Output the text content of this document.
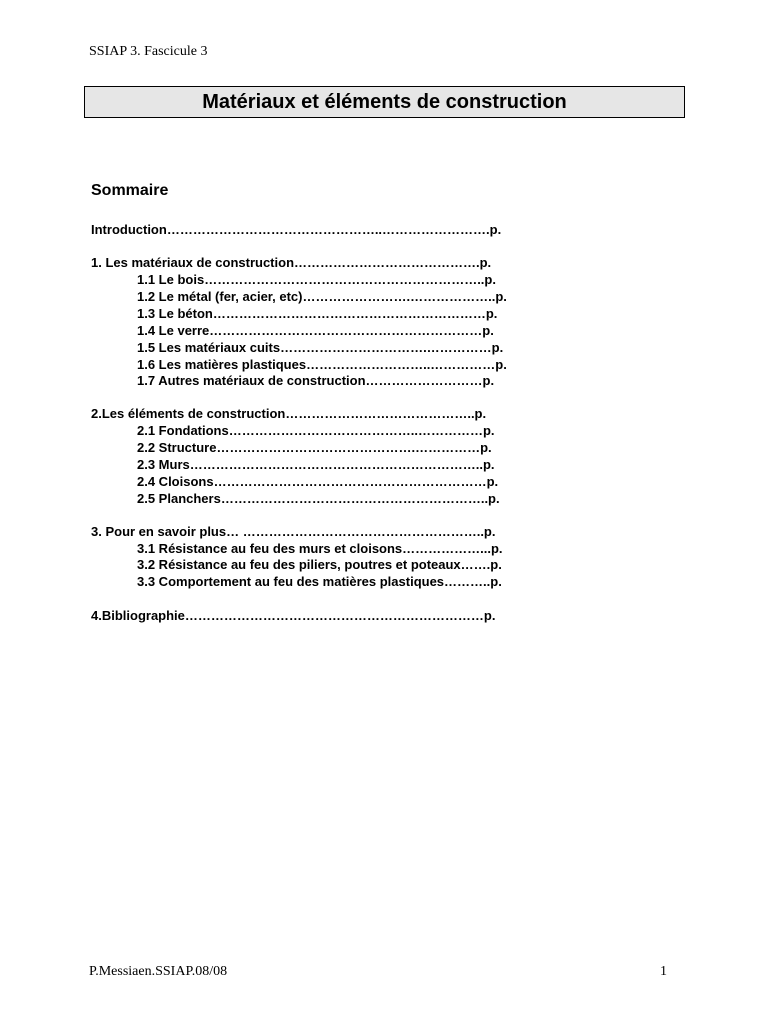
SSIAP 3. Fascicule 3
Matériaux et éléments de construction
Sommaire
Introduction…………………………………………..…………………….p.
1. Les matériaux de construction…………………………………….p.
1.1 Le bois………………………………………………………..p.
1.2 Le métal (fer, acier, etc)…………………….………………..p.
1.3 Le béton………………………………………………………p.
1.4 Le verre………………………………………………………p.
1.5 Les matériaux cuits…………………………….……………p.
1.6 Les matières plastiques………………………..……………p.
1.7 Autres matériaux de construction………………………p.
2.Les éléments de construction……………………………………..p.
2.1 Fondations……………………………………..……………p.
2.2 Structure……………………………………….……………p.
2.3 Murs…………………………………………………………..p.
2.4 Cloisons………………………………………………………p.
2.5 Planchers……………………………………………………..p.
3. Pour en savoir plus… ………………………………………………..p.
3.1 Résistance au feu des murs et cloisons………………...p.
3.2 Résistance au feu des piliers, poutres et poteaux…….p.
3.3 Comportement au feu des matières plastiques………..p.
4.Bibliographie……………………………………………………………p.
P.Messiaen.SSIAP.08/08	1
